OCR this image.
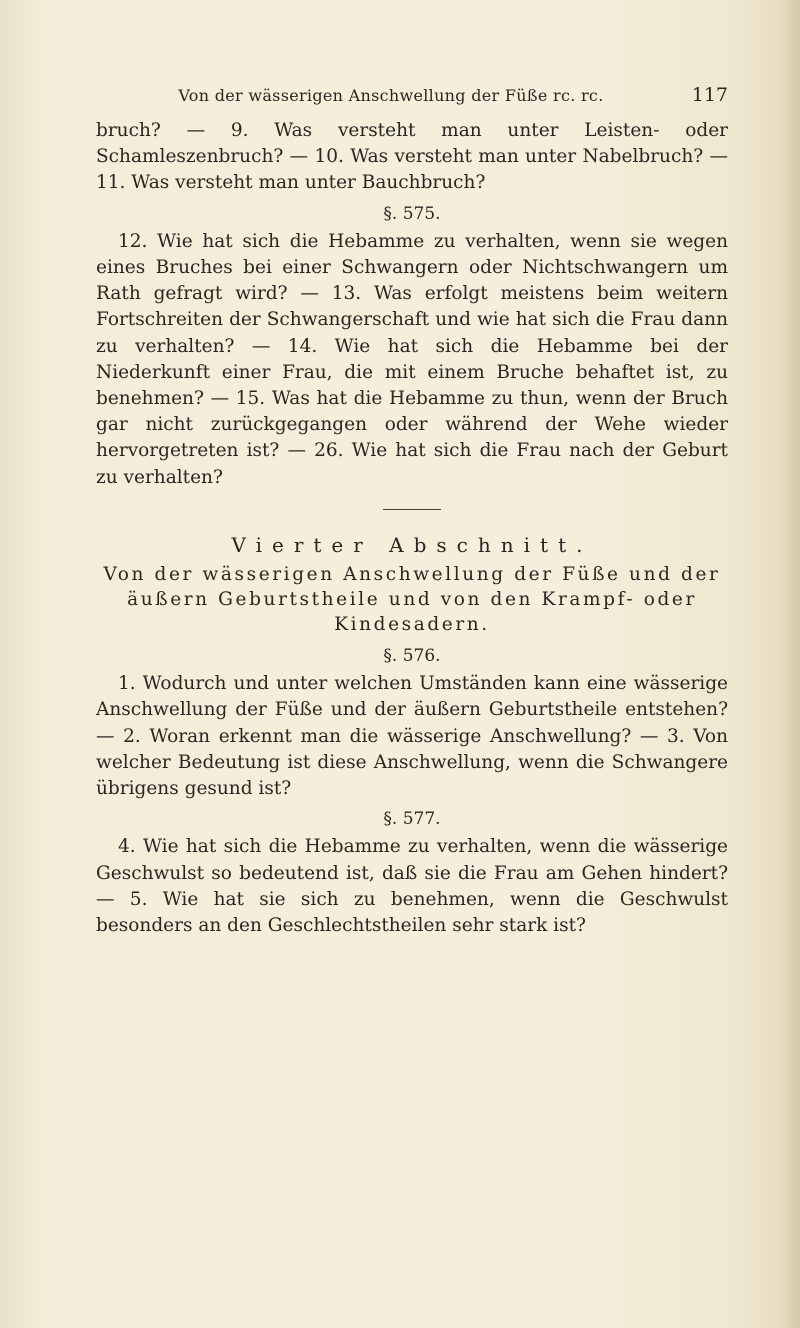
Von der wässerigen Anschwellung der Füße rc. rc.	117

bruch? — 9. Was versteht man unter Leisten- oder Schamleszenbruch? — 10. Was versteht man unter Nabelbruch? — 11. Was versteht man unter Bauchbruch?

§. 575.

12. Wie hat sich die Hebamme zu verhalten, wenn sie wegen eines Bruches bei einer Schwangern oder Nichtschwangern um Rath gefragt wird? — 13. Was erfolgt meistens beim weitern Fortschreiten der Schwangerschaft und wie hat sich die Frau dann zu verhalten? — 14. Wie hat sich die Hebamme bei der Niederkunft einer Frau, die mit einem Bruche behaftet ist, zu benehmen? — 15. Was hat die Hebamme zu thun, wenn der Bruch gar nicht zurückgegangen oder während der Wehe wieder hervorgetreten ist? — 26. Wie hat sich die Frau nach der Geburt zu verhalten?

Vierter Abschnitt.
Von der wässerigen Anschwellung der Füße und der äußern Geburtstheile und von den Krampf- oder Kindesadern.
§. 576.

1. Wodurch und unter welchen Umständen kann eine wässerige Anschwellung der Füße und der äußern Geburtstheile entstehen? — 2. Woran erkennt man die wässerige Anschwellung? — 3. Von welcher Bedeutung ist diese Anschwellung, wenn die Schwangere übrigens gesund ist?

§. 577.

4. Wie hat sich die Hebamme zu verhalten, wenn die wässerige Geschwulst so bedeutend ist, daß sie die Frau am Gehen hindert? — 5. Wie hat sie sich zu benehmen, wenn die Geschwulst besonders an den Geschlechtstheilen sehr stark ist?
